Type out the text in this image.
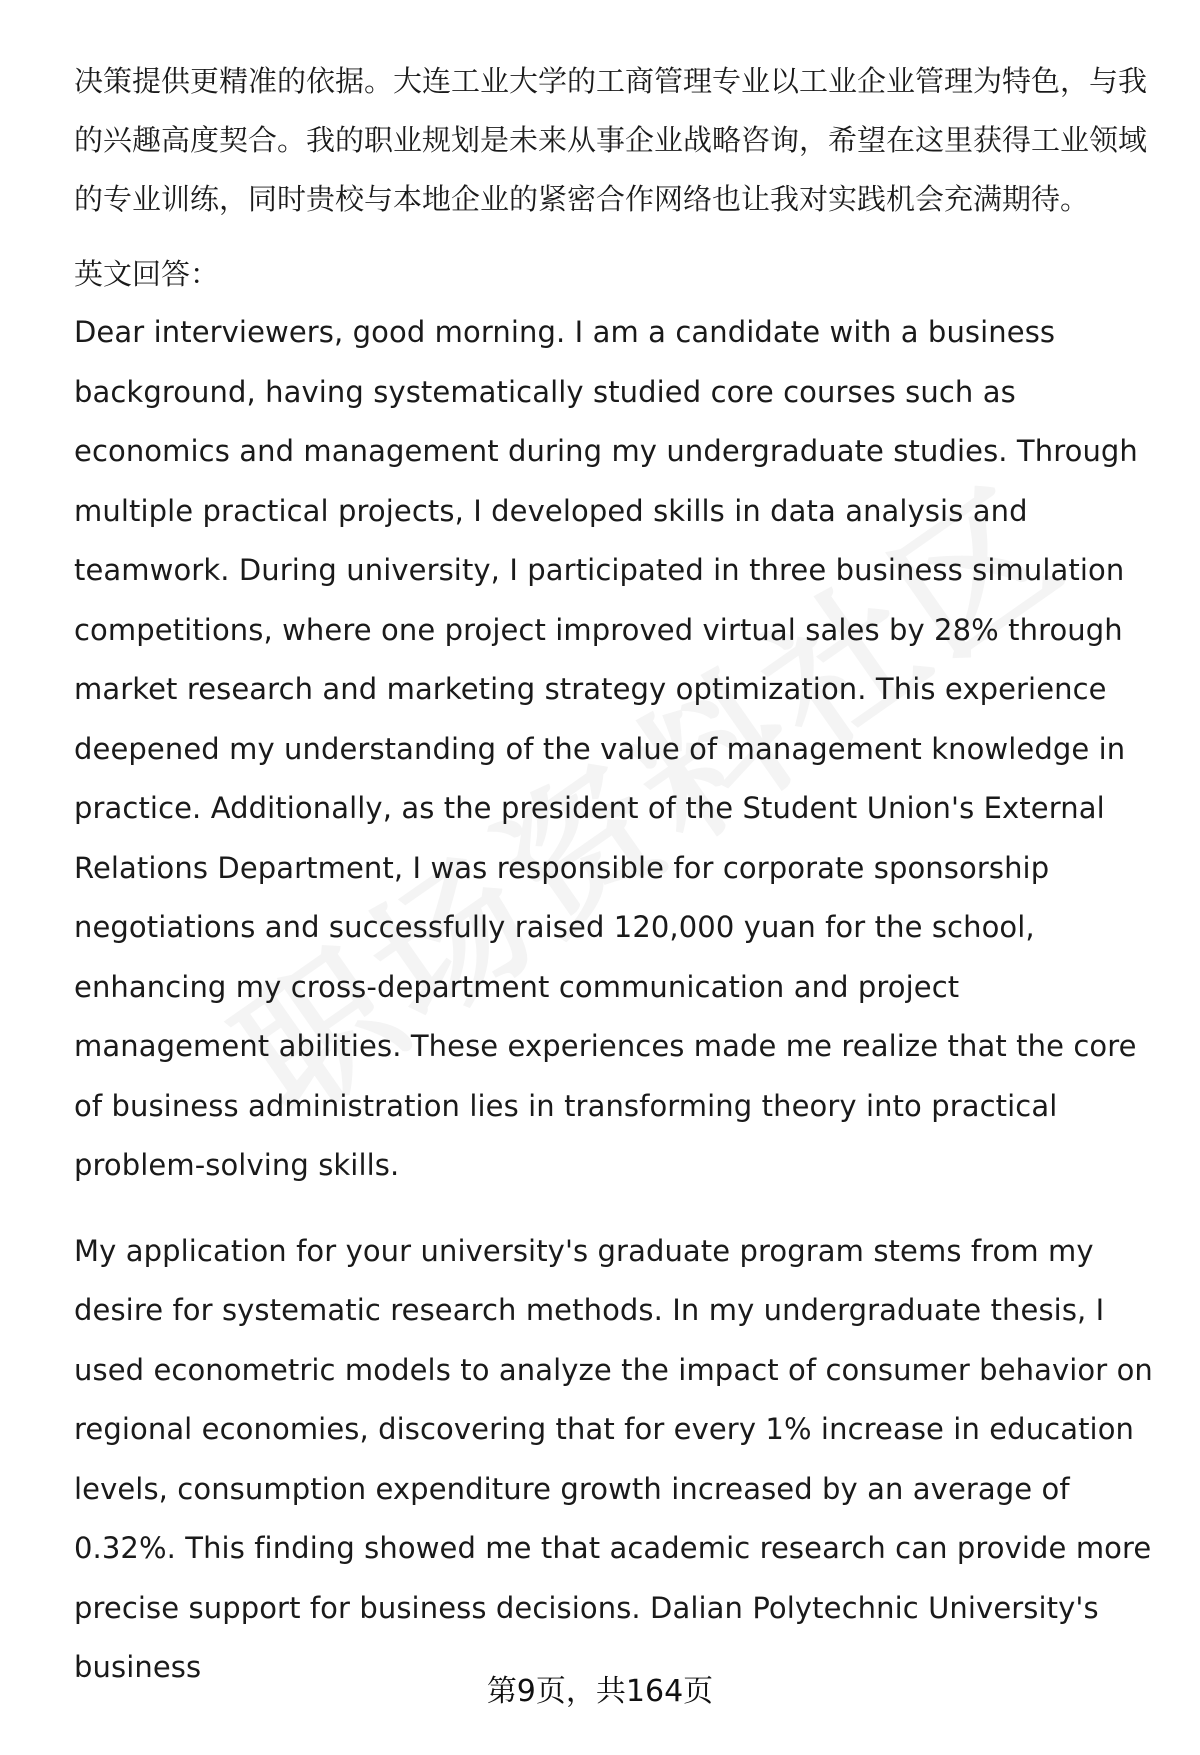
决策提供更精准的依据。大连工业大学的工商管理专业以工业企业管理为特色，与我的兴趣高度契合。我的职业规划是未来从事企业战略咨询，希望在这里获得工业领域的专业训练，同时贵校与本地企业的紧密合作网络也让我对实践机会充满期待。

英文回答：

Dear interviewers, good morning. I am a candidate with a business background, having systematically studied core courses such as economics and management during my undergraduate studies. Through multiple practical projects, I developed skills in data analysis and teamwork. During university, I participated in three business simulation competitions, where one project improved virtual sales by 28% through market research and marketing strategy optimization. This experience deepened my understanding of the value of management knowledge in practice. Additionally, as the president of the Student Union's External Relations Department, I was responsible for corporate sponsorship negotiations and successfully raised 120,000 yuan for the school, enhancing my cross-department communication and project management abilities. These experiences made me realize that the core of business administration lies in transforming theory into practical problem-solving skills.

My application for your university's graduate program stems from my desire for systematic research methods. In my undergraduate thesis, I used econometric models to analyze the impact of consumer behavior on regional economies, discovering that for every 1% increase in education levels, consumption expenditure growth increased by an average of 0.32%. This finding showed me that academic research can provide more precise support for business decisions. Dalian Polytechnic University's business

第9页，共164页
